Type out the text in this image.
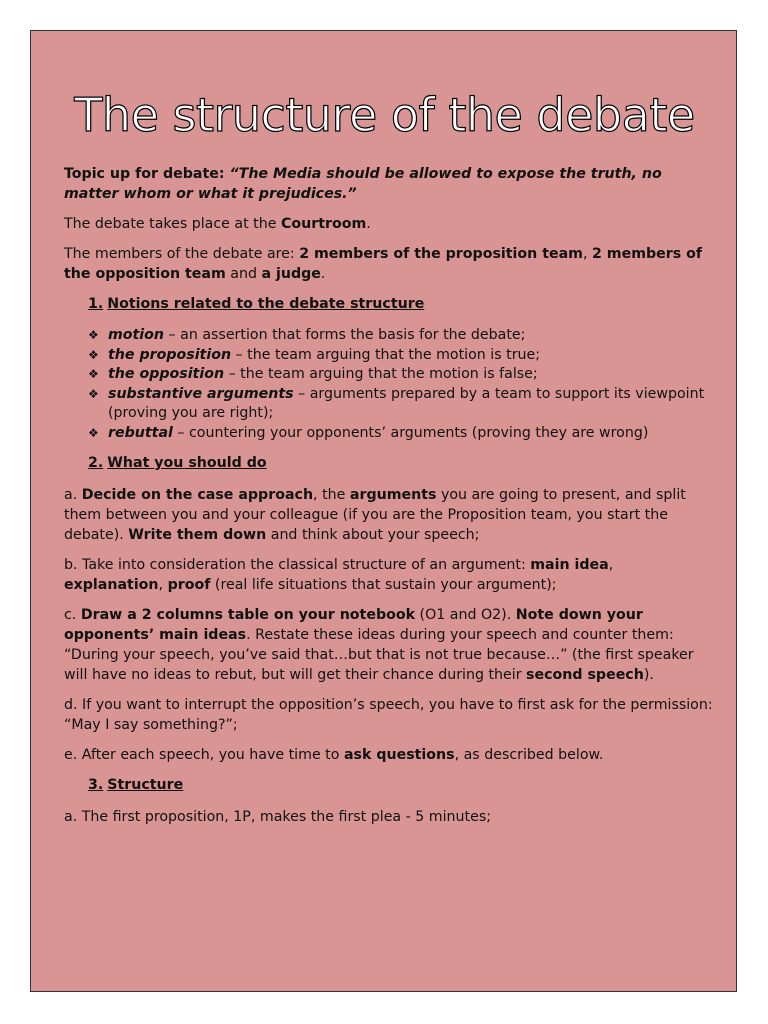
The structure of the debate

Topic up for debate: “The Media should be allowed to expose the truth, no matter whom or what it prejudices.”

The debate takes place at the Courtroom.

The members of the debate are: 2 members of the proposition team, 2 members of the opposition team and a judge.

1. Notions related to the debate structure
❖ motion – an assertion that forms the basis for the debate;
❖ the proposition – the team arguing that the motion is true;
❖ the opposition – the team arguing that the motion is false;
❖ substantive arguments – arguments prepared by a team to support its viewpoint (proving you are right);
❖ rebuttal – countering your opponents’ arguments (proving they are wrong)
2. What you should do

a. Decide on the case approach, the arguments you are going to present, and split them between you and your colleague (if you are the Proposition team, you start the debate). Write them down and think about your speech;

b. Take into consideration the classical structure of an argument: main idea, explanation, proof (real life situations that sustain your argument);

c. Draw a 2 columns table on your notebook (O1 and O2). Note down your opponents’ main ideas. Restate these ideas during your speech and counter them: “During your speech, you’ve said that…but that is not true because…” (the first speaker will have no ideas to rebut, but will get their chance during their second speech).

d. If you want to interrupt the opposition’s speech, you have to first ask for the permission: “May I say something?”;

e. After each speech, you have time to ask questions, as described below.

3. Structure

a. The first proposition, 1P, makes the first plea - 5 minutes;
